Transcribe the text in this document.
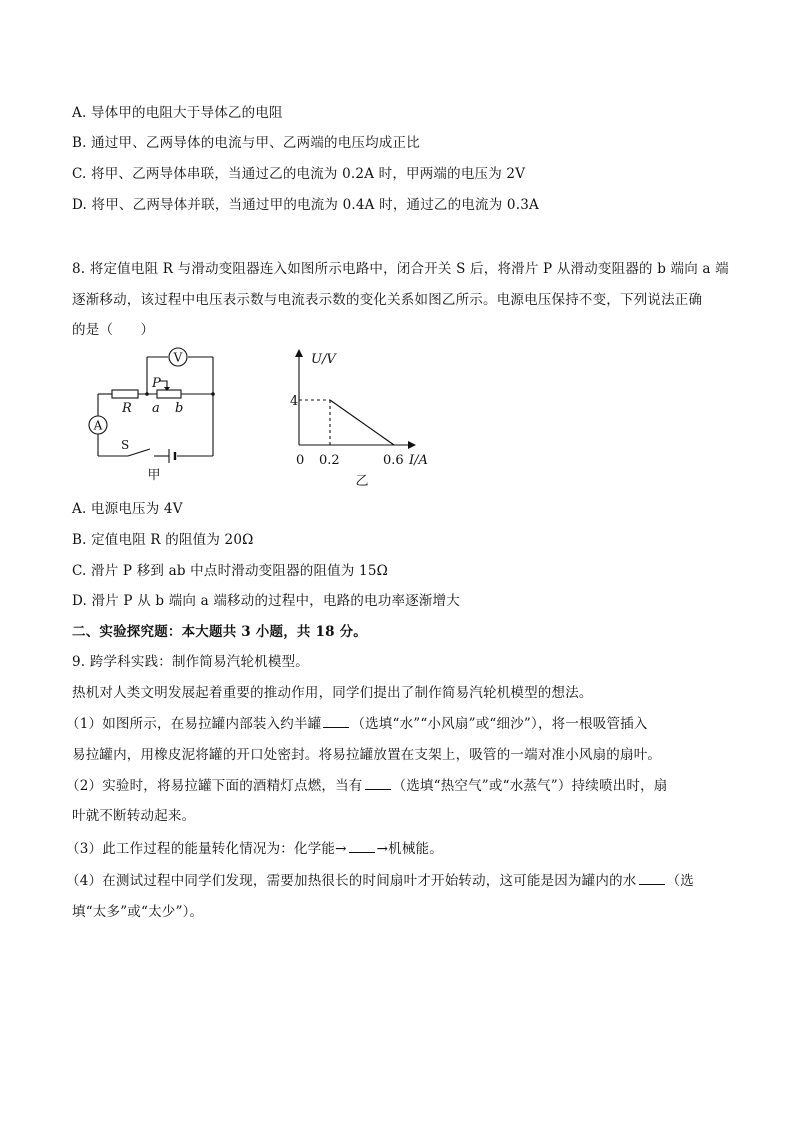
A. 导体甲的电阻大于导体乙的电阻
B. 通过甲、乙两导体的电流与甲、乙两端的电压均成正比
C. 将甲、乙两导体串联，当通过乙的电流为 0.2A 时，甲两端的电压为 2V
D. 将甲、乙两导体并联，当通过甲的电流为 0.4A 时，通过乙的电流为 0.3A
8. 将定值电阻 R 与滑动变阻器连入如图所示电路中，闭合开关 S 后，将滑片 P 从滑动变阻器的 b 端向 a 端
逐渐移动，该过程中电压表示数与电流表示数的变化关系如图乙所示。电源电压保持不变，下列说法正确
的是（　　）
V
A
R
P
a b
S
甲
U/V
4
0 0.2	0.6 I/A
乙
A. 电源电压为 4V
B. 定值电阻 R 的阻值为 20Ω
C. 滑片 P 移到 ab 中点时滑动变阻器的阻值为 15Ω
D. 滑片 P 从 b 端向 a 端移动的过程中，电路的电功率逐渐增大
二、实验探究题：本大题共 3 小题，共 18 分。
9. 跨学科实践：制作简易汽轮机模型。
热机对人类文明发展起着重要的推动作用，同学们提出了制作简易汽轮机模型的想法。
（1）如图所示，在易拉罐内部装入约半罐 （选填“水”“小风扇”或“细沙”），将一根吸管插入
易拉罐内，用橡皮泥将罐的开口处密封。将易拉罐放置在支架上，吸管的一端对准小风扇的扇叶。
（2）实验时，将易拉罐下面的酒精灯点燃，当有 （选填“热空气”或“水蒸气”）持续喷出时，扇
叶就不断转动起来。
（3）此工作过程的能量转化情况为：化学能→ →机械能。
（4）在测试过程中同学们发现，需要加热很长的时间扇叶才开始转动，这可能是因为罐内的水 （选
填“太多”或“太少”）。
